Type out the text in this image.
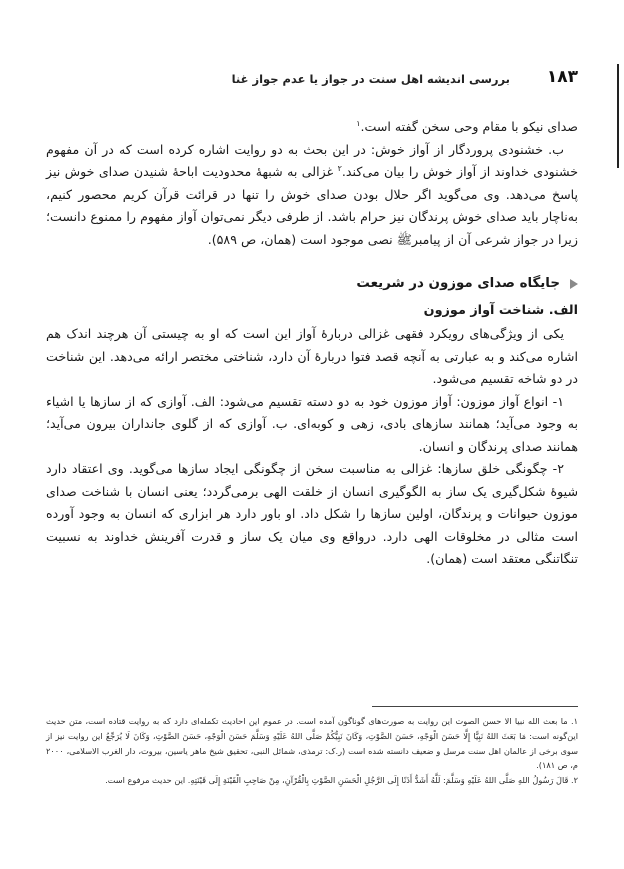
۱۸۳
بررسی اندیشه اهل سنت در جواز یا عدم جواز غنا

صدای نیکو با مقام وحی سخن گفته است.$^۱$

ب. خشنودی پروردگار از آواز خوش: در این بحث به دو روایت اشاره کرده است که در آن مفهوم خشنودی خداوند از آواز خوش را بیان می‌کند.$^۲$ غزالی به شبههٔ محدودیت اباحهٔ شنیدن صدای خوش نیز پاسخ می‌دهد. وی می‌گوید اگر حلال بودن صدای خوش را تنها در قرائت قرآن کریم محصور کنیم، به‌ناچار باید صدای خوش پرندگان نیز حرام باشد. از طرفی دیگر نمی‌توان آواز مفهوم را ممنوع دانست؛ زیرا در جواز شرعی آن از پیامبرﷺ نصی موجود است (همان، ص ۵۸۹).

جایگاه صدای موزون در شریعت

الف. شناخت آواز موزون

یکی از ویژگی‌های رویکرد فقهی غزالی دربارهٔ آواز این است که او به چیستی آن هرچند اندک هم اشاره می‌کند و به عبارتی به آنچه قصد فتوا دربارهٔ آن دارد، شناختی مختصر ارائه می‌دهد. این شناخت در دو شاخه تقسیم می‌شود.

۱- انواع آواز موزون: آواز موزون خود به دو دسته تقسیم می‌شود: الف. آوازی که از سازها یا اشیاء به وجود می‌آید؛ همانند سازهای بادی، زهی و کوبه‌ای. ب. آوازی که از گلوی جانداران بیرون می‌آید؛ همانند صدای پرندگان و انسان.

۲- چگونگی خلق سازها: غزالی به مناسبت سخن از چگونگی ایجاد سازها می‌گوید. وی اعتقاد دارد شیوهٔ شکل‌گیری یک ساز به الگوگیری انسان از خلقت الهی برمی‌گردد؛ یعنی انسان با شناخت صدای موزون حیوانات و پرندگان، اولین سازها را شکل داد. او باور دارد هر ابزاری که انسان به وجود آورده است مثالی در مخلوقات الهی دارد. درواقع وی میان یک ساز و قدرت آفرینش خداوند به نسبیت تنگاتنگی معتقد است (همان).

۱. ما بعث الله نبیا الا حسن الصوت این روایت به صورت‌های گوناگون آمده است. در عموم این احادیث تکمله‌ای دارد که به روایت قتاده است، متن حدیث این‌گونه است: مَا بَعَثَ اللهُ نَبِيًّا إِلَّا حَسَنَ الْوَجْهِ، حَسَنَ الصَّوْتِ، وَكَانَ نَبِيُّكُمْ صَلَّى اللهُ عَلَيْهِ وَسَلَّمَ حَسَنَ الْوَجْهِ، حَسَنَ الصَّوْتِ، وَكَانَ لَا يُرَجِّعُ این روایت نیز از سوی برخی از عالمان اهل سنت مرسل و ضعیف دانسته شده است (ر.ک: ترمذی، شمائل النبی، تحقیق شیخ ماهر یاسین، بیروت، دار الغرب الاسلامی، ۲۰۰۰ م، ص ۱۸۱).

۲. قَالَ رَسُولُ اللهِ صَلَّى اللهُ عَلَيْهِ وَسَلَّمَ: لَلَّهُ أَشَدُّ أَذَنًا إِلَى الرَّجُلِ الْحَسَنِ الصَّوْتِ بِالْقُرْآنِ، مِنْ صَاحِبِ الْقَيْنَةِ إِلَى قَيْنَتِهِ. این حدیث مرفوع است.
